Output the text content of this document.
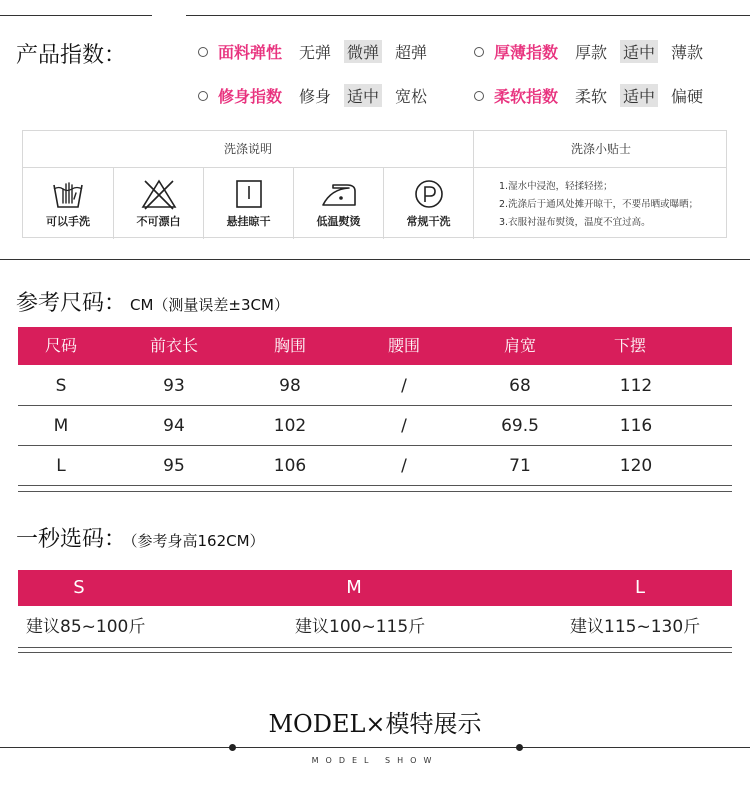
产品指数：	面料弹性 无弹 微弹 超弹	厚薄指数 厚款 适中 薄款
修身指数 修身 适中 宽松	柔软指数 柔软 适中 偏硬
洗涤说明	洗涤小贴士
可以手洗	不可漂白	悬挂晾干	低温熨烫	常规干洗
1.湿水中浸泡，轻揉轻搓；
2.洗涤后于通风处摊开晾干，不要吊晒或曝晒；
3.衣服衬湿布熨烫，温度不宜过高。
参考尺码： CM（测量误差±3CM）
尺码	前衣长	胸围	腰围	肩宽	下摆
S	93	98	/	68	112
M	94	102	/	69.5	116
L	95	106	/	71	120
一秒选码： （参考身高162CM）
S	M	L
建议85~100斤	建议100~115斤	建议115~130斤
MODEL×模特展示
MODEL SHOW
